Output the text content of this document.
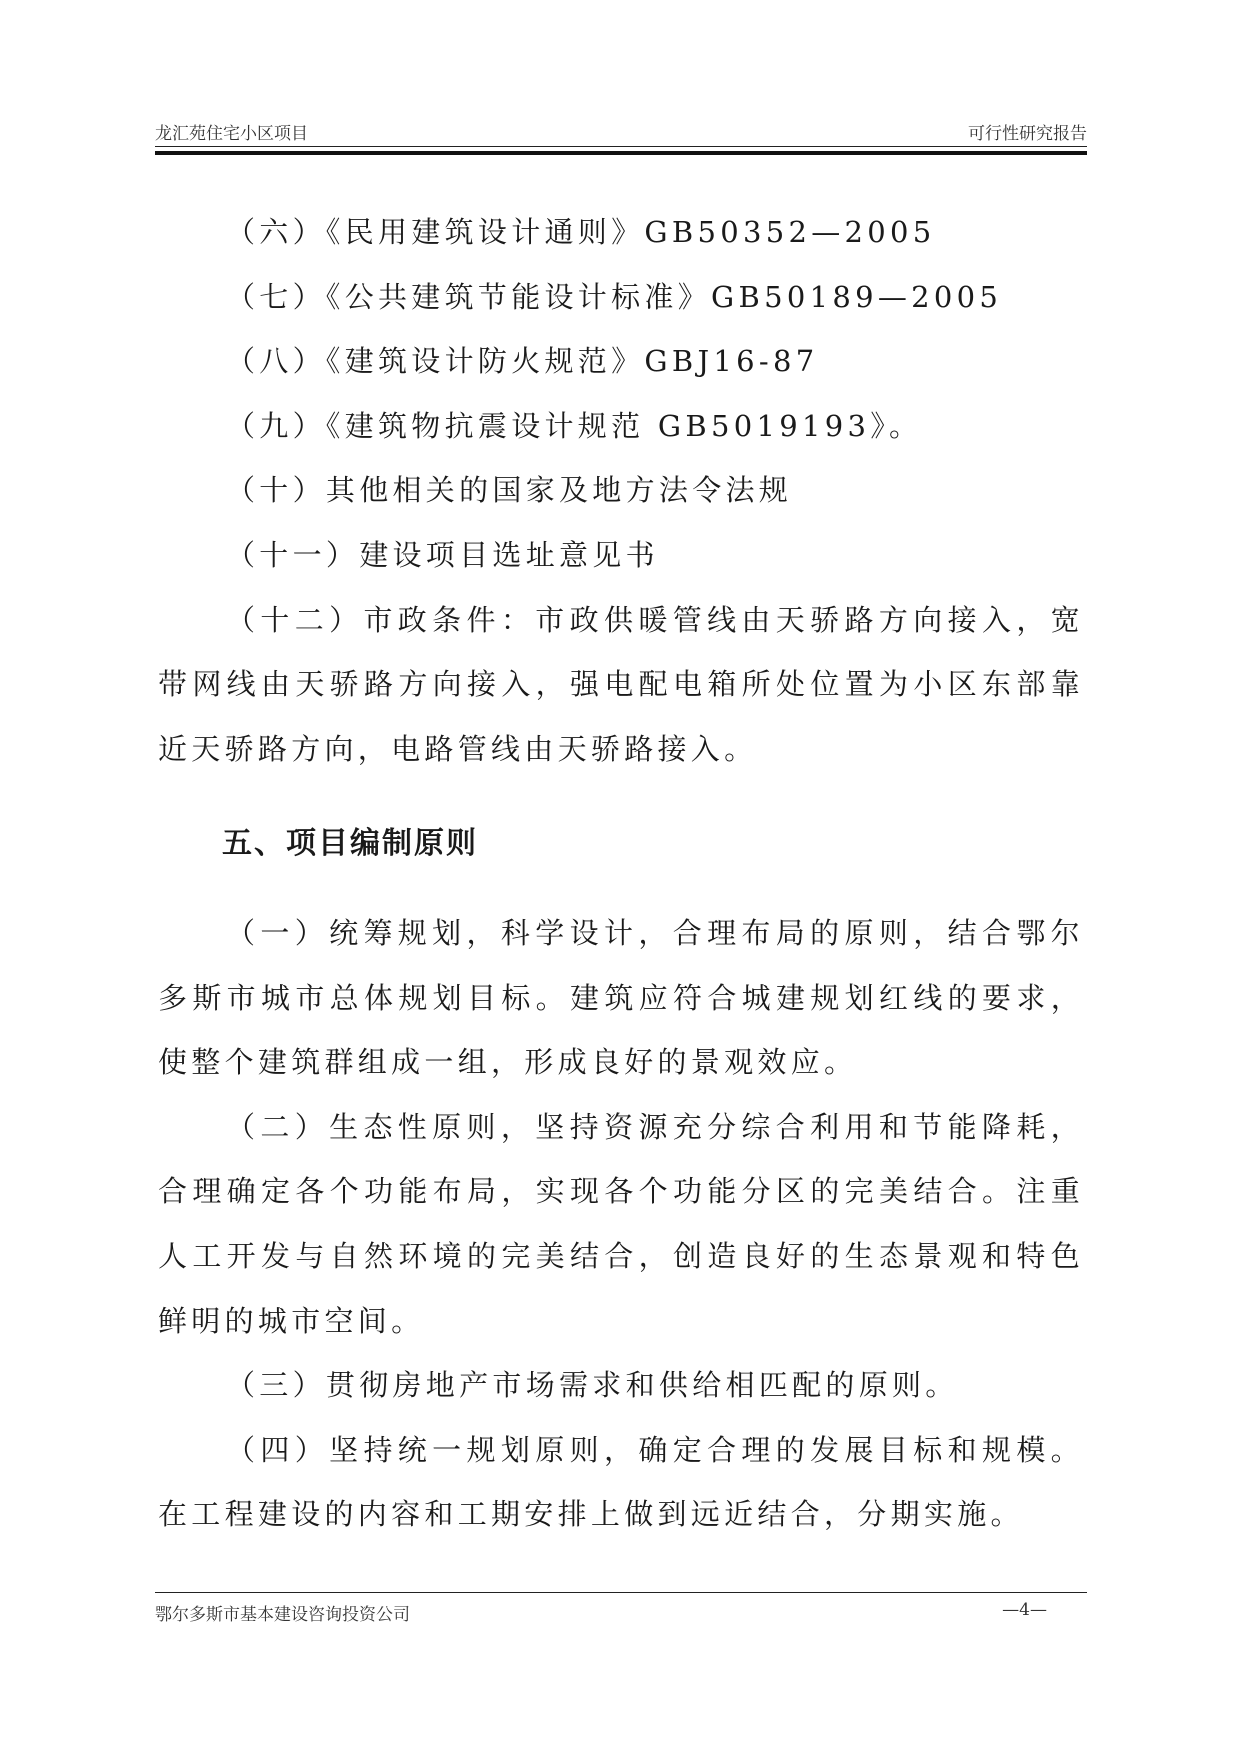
龙汇苑住宅小区项目	可行性研究报告

（六）《民用建筑设计通则》GB50352—2005

（七）《公共建筑节能设计标准》GB50189—2005

（八）《建筑设计防火规范》GBJ16-87

（九）《建筑物抗震设计规范 GB5019193》。

（十）其他相关的国家及地方法令法规

（十一）建设项目选址意见书

（十二）市政条件：市政供暖管线由天骄路方向接入，宽带网线由天骄路方向接入，强电配电箱所处位置为小区东部靠近天骄路方向，电路管线由天骄路接入。

五、项目编制原则

（一）统筹规划，科学设计，合理布局的原则，结合鄂尔多斯市城市总体规划目标。建筑应符合城建规划红线的要求，使整个建筑群组成一组，形成良好的景观效应。

（二）生态性原则，坚持资源充分综合利用和节能降耗，合理确定各个功能布局，实现各个功能分区的完美结合。注重人工开发与自然环境的完美结合，创造良好的生态景观和特色鲜明的城市空间。

（三）贯彻房地产市场需求和供给相匹配的原则。

（四）坚持统一规划原则，确定合理的发展目标和规模。在工程建设的内容和工期安排上做到远近结合，分期实施。

鄂尔多斯市基本建设咨询投资公司	—4—
